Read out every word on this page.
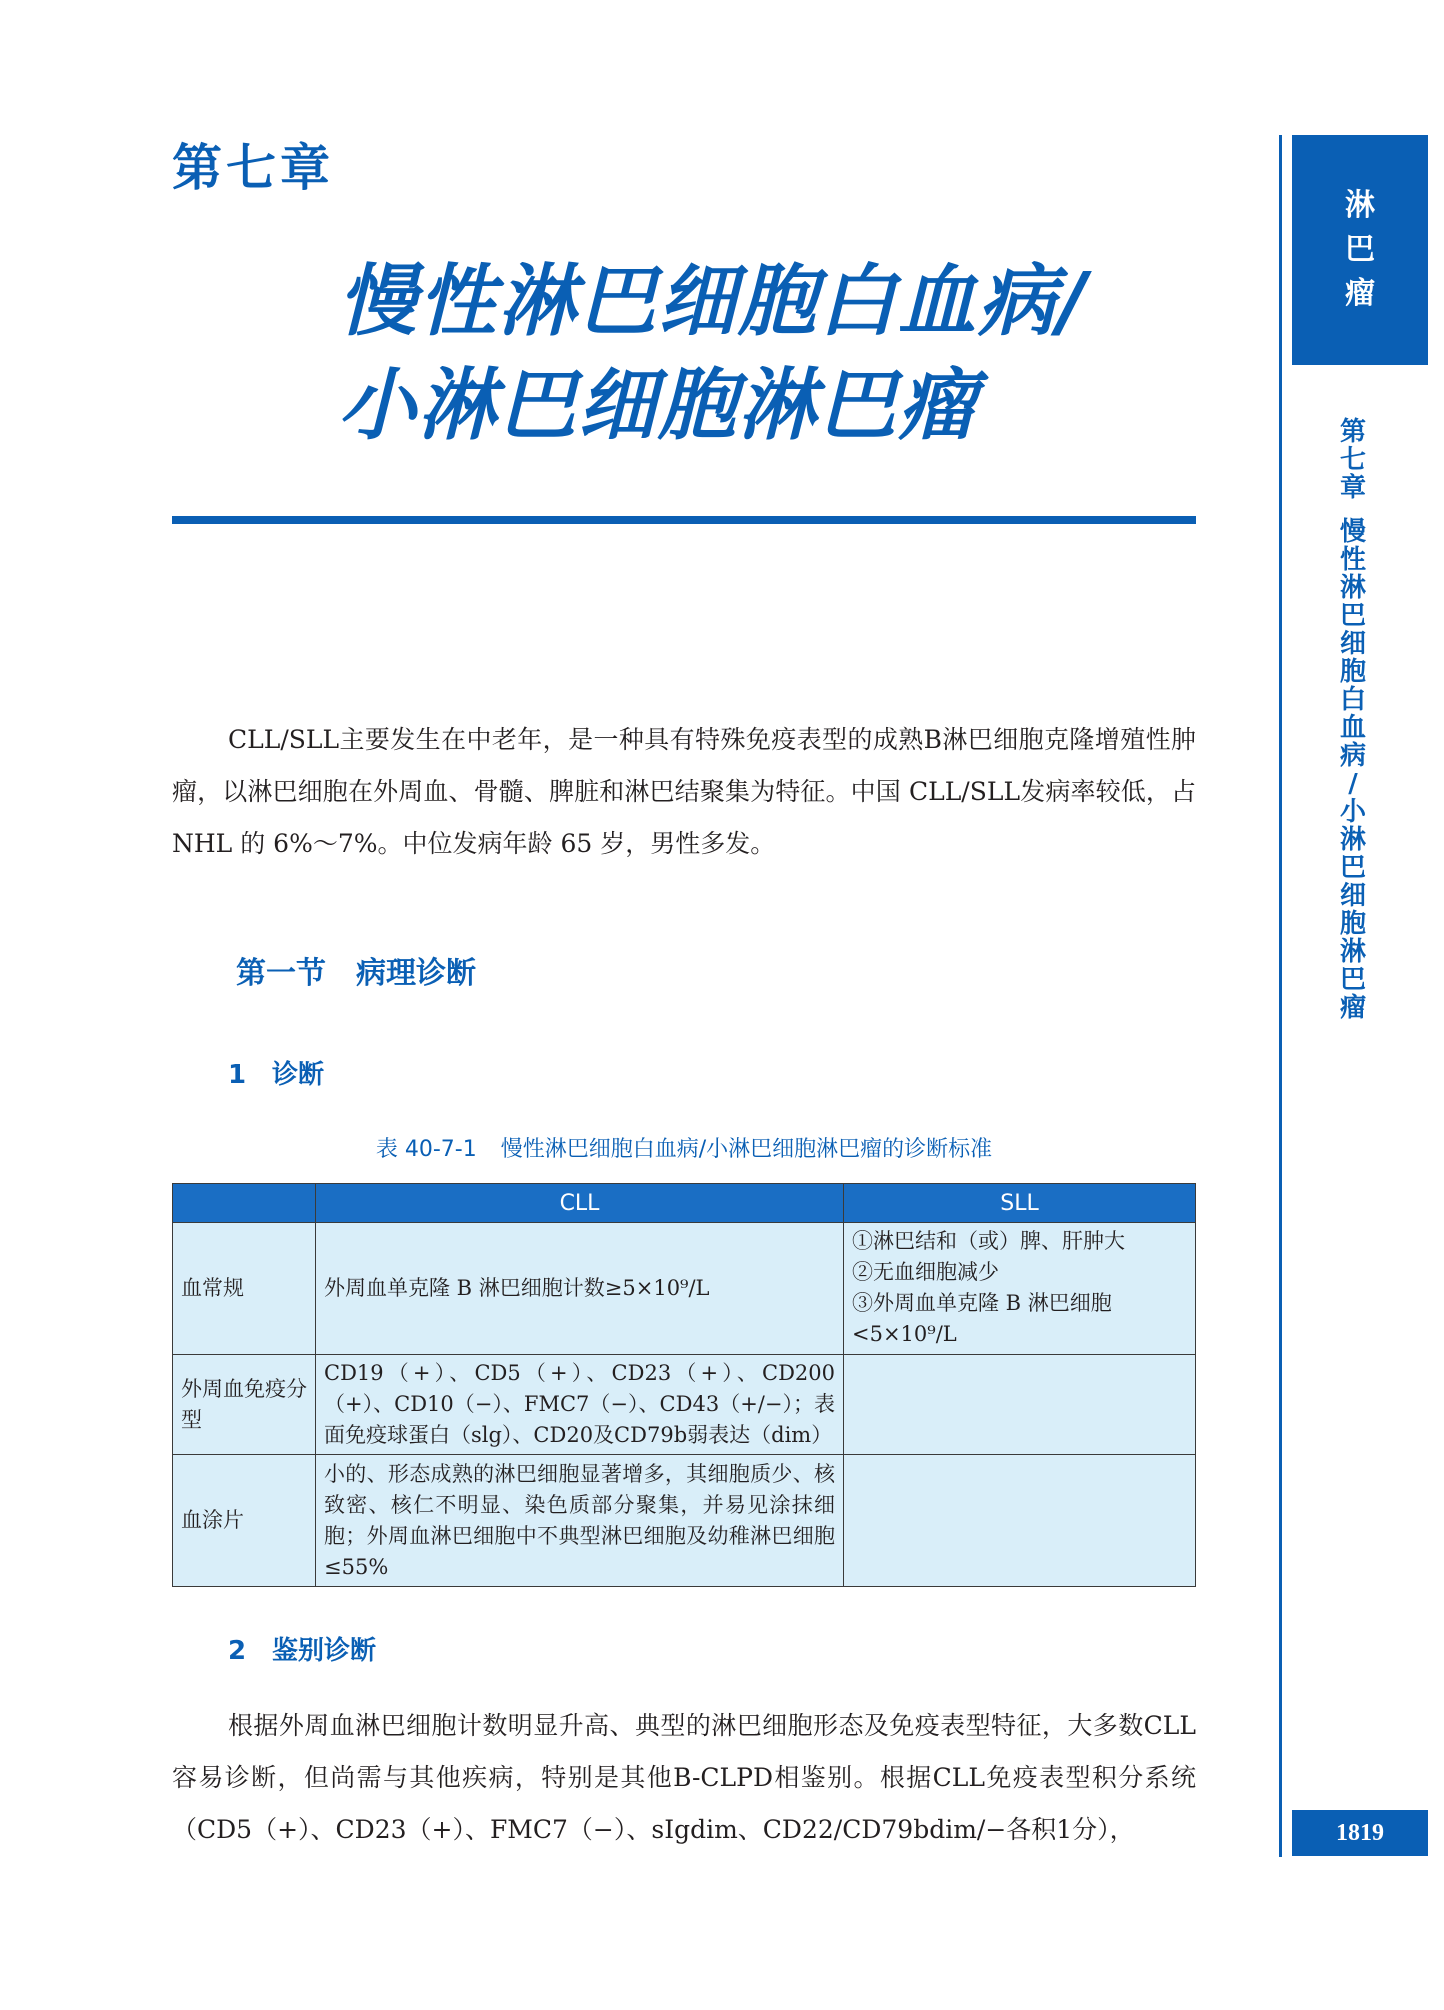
第七章
慢性淋巴细胞白血病/
小淋巴细胞淋巴瘤
淋
巴
瘤
第
七
章
慢
性
淋
巴
细
胞
白
血
病
/
小
淋
巴
细
胞
淋
巴
瘤
1819

CLL/SLL主要发生在中老年，是一种具有特殊免疫表型的成熟B淋巴细胞克隆增殖性肿瘤，以淋巴细胞在外周血、骨髓、脾脏和淋巴结聚集为特征。中国 CLL/SLL发病率较低，占 NHL 的 6%～7%。中位发病年龄 65 岁，男性多发。

第一节 病理诊断
1 诊断

表 40-7-1 慢性淋巴细胞白血病/小淋巴细胞淋巴瘤的诊断标准

	CLL	SLL
血常规	外周血单克隆 B 淋巴细胞计数≥5×10⁹/L	①淋巴结和（或）脾、肝肿大
②无血细胞减少
③外周血单克隆 B 淋巴细胞<5×10⁹/L

外周血免疫分型	CD19（+）、CD5（+）、CD23（+）、CD200（+）、CD10（−）、FMC7（−）、CD43（+/−）；表面免疫球蛋白（slg）、CD20及CD79b弱表达（dim）	
血涂片	小的、形态成熟的淋巴细胞显著增多，其细胞质少、核致密、核仁不明显、染色质部分聚集，并易见涂抹细胞；外周血淋巴细胞中不典型淋巴细胞及幼稚淋巴细胞≤55%	
2 鉴别诊断

根据外周血淋巴细胞计数明显升高、典型的淋巴细胞形态及免疫表型特征，大多数CLL容易诊断，但尚需与其他疾病，特别是其他B-CLPD相鉴别。根据CLL免疫表型积分系统（CD5（+）、CD23（+）、FMC7（−）、sIgdim、CD22/CD79bdim/−各积1分），
